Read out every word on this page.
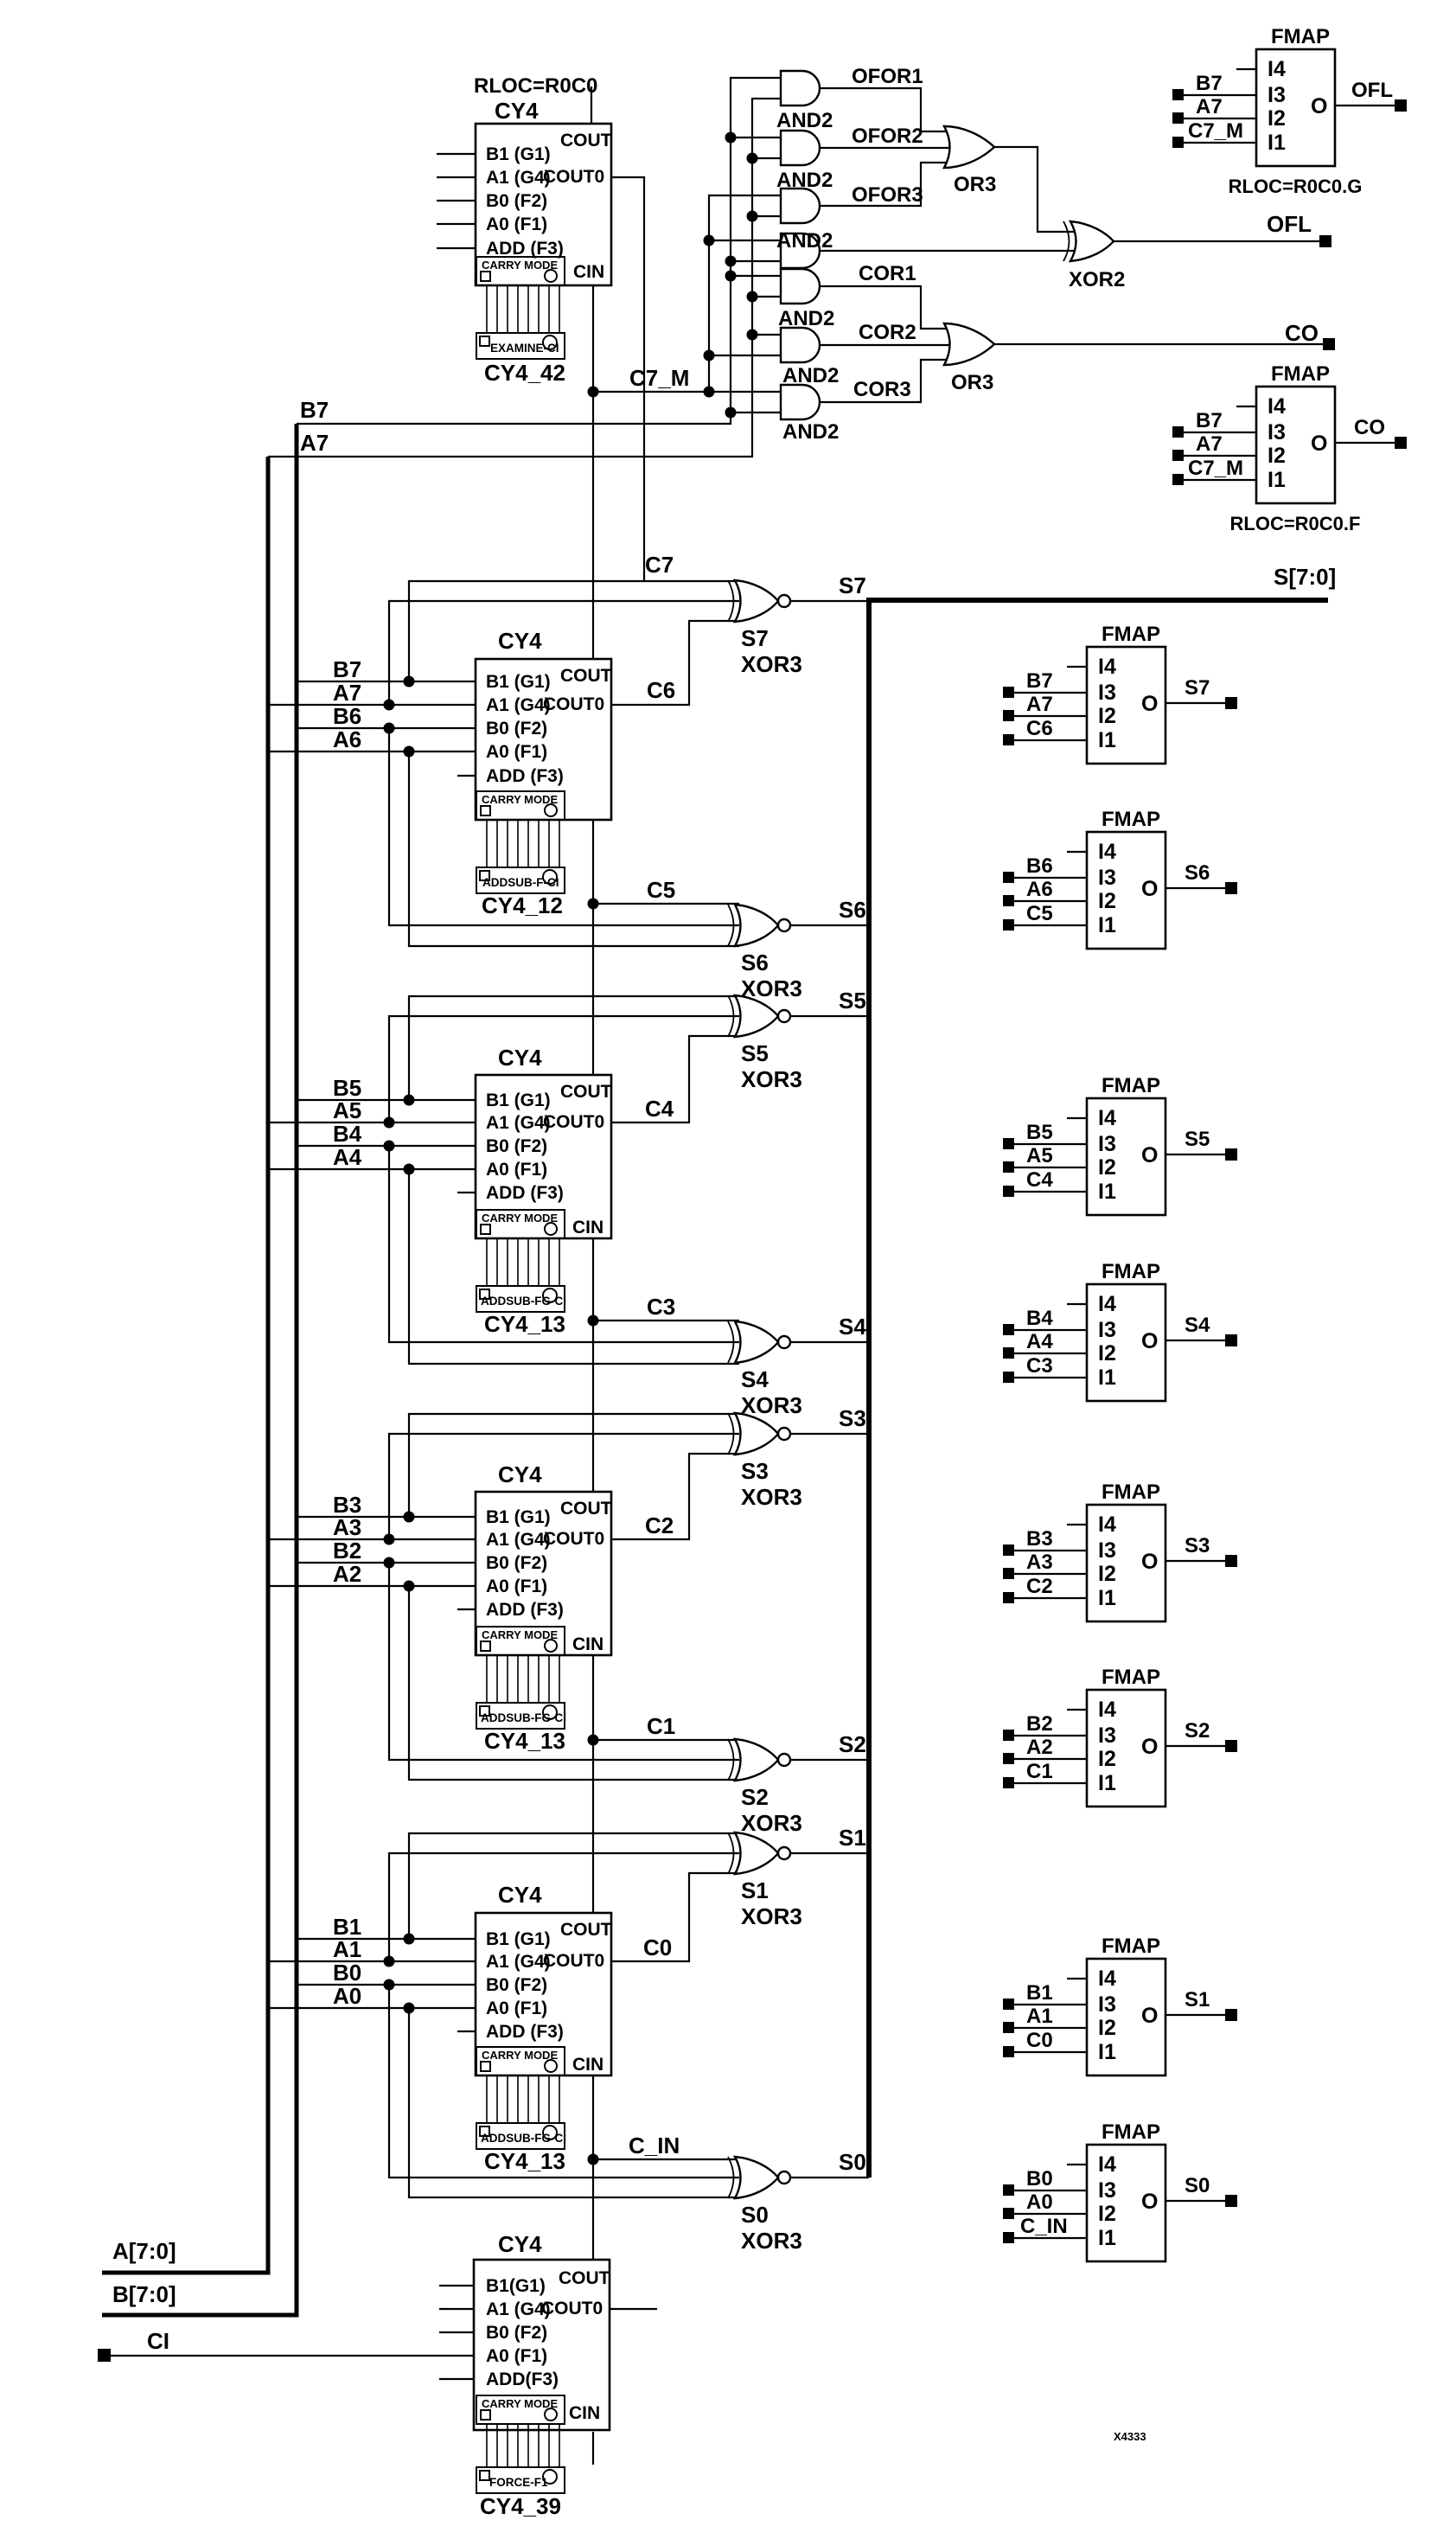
RLOC=R0C0
CY4
B1 (G1)
A1 (G4)
B0 (F2)
A0 (F1)
ADD (F3)
COUT
COUT0
CIN
CARRY MODE
EXAMINE-CI
CY4_42	C7_M
OFOR1
AND2
OFOR2
AND2
OFOR3
AND2
COR1
AND2
COR2
AND2
COR3
AND2
OR3
OR3
XOR2
OFL
CO
B7
A7
FMAP
I4
I3
I2
I1
O
B7
A7
C7_M
OFL
RLOC=R0C0.G
FMAP
I4
I3
I2
I1
O
B7
A7
C7_M
CO
RLOC=R0C0.F
S[7:0]
C7
S7
S7
XOR3
CY4
B1 (G1)
A1 (G4)
B0 (F2)
A0 (F1)
ADD (F3)
COUT
COUT0
CARRY MODE
ADDSUB-F-CI
CY4_12
B7
A7
B6
A6
C6
C5
S6
S6
XOR3 S5
S5
XOR3
C4
CY4
B1 (G1)
A1 (G4)
B0 (F2)
A0 (F1)
ADD (F3)
COUT
COUT0
CIN
CARRY MODE
ADDSUB-FG-CI
CY4_13
B5
A5
B4
A4
C3
S4
S4
XOR3 S3
S3
XOR3
C2
CY4
B1 (G1)
A1 (G4)
B0 (F2)
A0 (F1)
ADD (F3)
COUT
COUT0
CIN
CARRY MODE
ADDSUB-FG-CI
CY4_13
B3
A3
B2
A2
C1
S2
S2
XOR3
S1
S1
XOR3
C0
CY4
B1 (G1)
A1 (G4)
B0 (F2)
A0 (F1)
ADD (F3)
COUT
COUT0
CIN
CARRY MODE
ADDSUB-FG-CI
CY4_13
B1
A1
B0
A0
C_IN
S0
S0
XOR3
CY4
B1(G1)
A1 (G4)
B0 (F2)
A0 (F1)
ADD(F3)
COUT
COUT0
CIN
CARRY MODE
FORCE-F1
CY4_39
A[7:0]
B[7:0]
CI
FMAP
I4
I3
I2
I1
O
B7
A7
C6
S7
FMAP
I4
I3
I2
I1
O
B6
A6
C5
S6
FMAP
I4
I3
I2
I1
O
B5
A5
C4
S5
FMAP
I4
I3
I2
I1
O
B4
A4
C3
S4
FMAP
I4
I3
I2
I1
O
B3
A3
C2
S3
FMAP
I4
I3
I2
I1
O
B2
A2
C1
S2
FMAP
I4
I3
I2
I1
O
B1
A1
C0
S1
FMAP
I4
I3
I2
I1
O
B0
A0
C_IN
S0
X4333
